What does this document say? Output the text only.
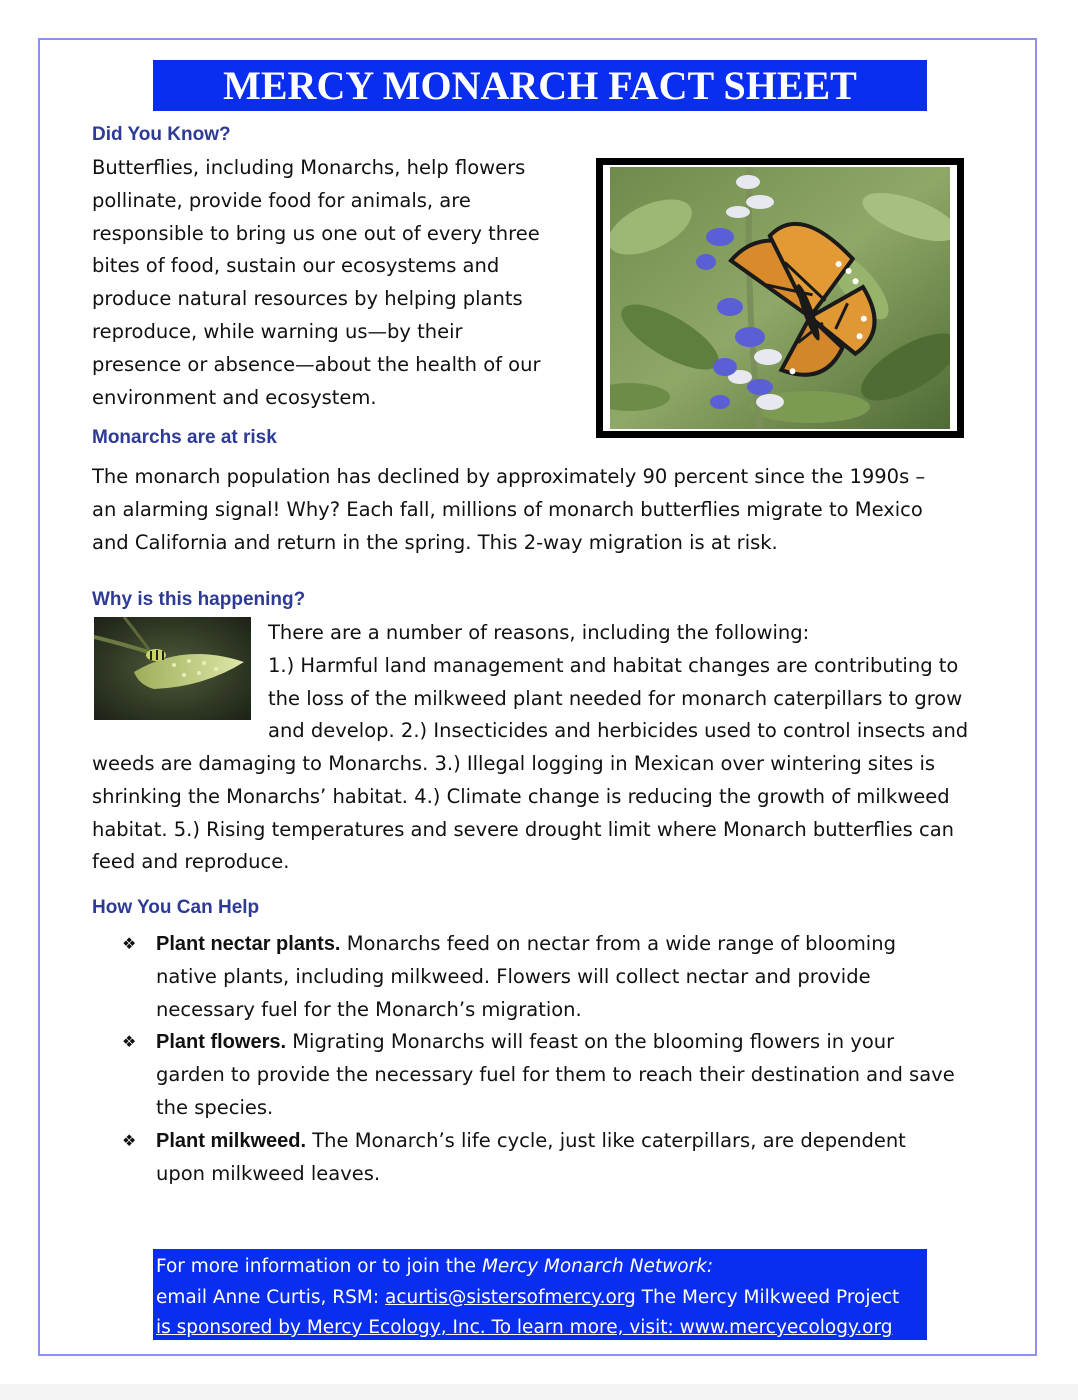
MERCY MONARCH FACT SHEET
Did You Know?
Butterflies, including Monarchs, help flowers
pollinate, provide food for animals, are
responsible to bring us one out of every three
bites of food, sustain our ecosystems and
produce natural resources by helping plants
reproduce, while warning us—by their
presence or absence—about the health of our
environment and ecosystem.
Monarchs are at risk
The monarch population has declined by approximately 90 percent since the 1990s –
an alarming signal! Why? Each fall, millions of monarch butterflies migrate to Mexico
and California and return in the spring. This 2-way migration is at risk.
Why is this happening?
There are a number of reasons, including the following:
1.) Harmful land management and habitat changes are contributing to
the loss of the milkweed plant needed for monarch caterpillars to grow
and develop. 2.) Insecticides and herbicides used to control insects and
weeds are damaging to Monarchs. 3.) Illegal logging in Mexican over wintering sites is
shrinking the Monarchs’ habitat. 4.) Climate change is reducing the growth of milkweed
habitat. 5.) Rising temperatures and severe drought limit where Monarch butterflies can
feed and reproduce.
How You Can Help
❖ Plant nectar plants. Monarchs feed on nectar from a wide range of blooming
native plants, including milkweed. Flowers will collect nectar and provide
necessary fuel for the Monarch’s migration.
❖ Plant flowers. Migrating Monarchs will feast on the blooming flowers in your
garden to provide the necessary fuel for them to reach their destination and save
the species.
❖ Plant milkweed. The Monarch’s life cycle, just like caterpillars, are dependent
upon milkweed leaves.
For more information or to join the Mercy Monarch Network:
email Anne Curtis, RSM: acurtis@sistersofmercy.org The Mercy Milkweed Project
is sponsored by Mercy Ecology, Inc. To learn more, visit: www.mercyecology.org
